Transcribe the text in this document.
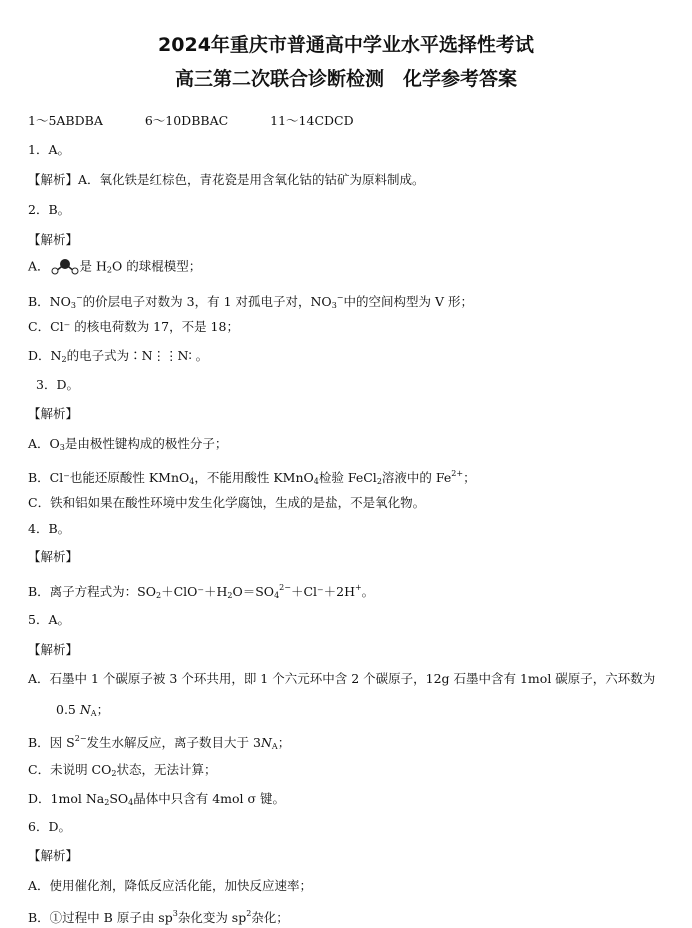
2024年重庆市普通高中学业水平选择性考试
高三第二次联合诊断检测　化学参考答案
1～5ABDBA	6～10DBBAC	11～14CDCD
1．A。
【解析】A．氧化铁是红棕色，青花瓷是用含氧化钴的钴矿为原料制成。
2．B。
【解析】
A． 是 $H_2O$ 的球棍模型；
B．$NO_3^-$的价层电子对数为 3，有 1 对孤电子对，$NO_3^-$中的空间构型为 V 形；
C．Cl⁻ 的核电荷数为 17，不是 18；
D．$N_2$的电子式为∶N⋮⋮N∶ 。
3．D。
【解析】
A．$O_3$是由极性键构成的极性分子；
B．Cl⁻也能还原酸性 KMnO$_4$，不能用酸性 KMnO$_4$检验 FeCl$_2$溶液中的 $Fe^{2+}$；
C．铁和铝如果在酸性环境中发生化学腐蚀，生成的是盐，不是氧化物。
4．B。
【解析】
B．离子方程式为：$SO_2+ClO^-+H_2O=SO_4^{2-}+Cl^-+2H^+$。
5．A。
【解析】
A．石墨中 1 个碳原子被 3 个环共用，即 1 个六元环中含 2 个碳原子，12g 石墨中含有 1mol 碳原子，六环数为
0.5 $N_A$；
B．因 $S^{2-}$发生水解反应，离子数目大于 $3N_A$；
C．未说明 $CO_2$状态，无法计算；
D．1mol $Na_2SO_4$晶体中只含有 4mol σ 键。
6．D。
【解析】
A．使用催化剂，降低反应活化能，加快反应速率；
B．①过程中 B 原子由 $sp^3$杂化变为 $sp^2$杂化；
